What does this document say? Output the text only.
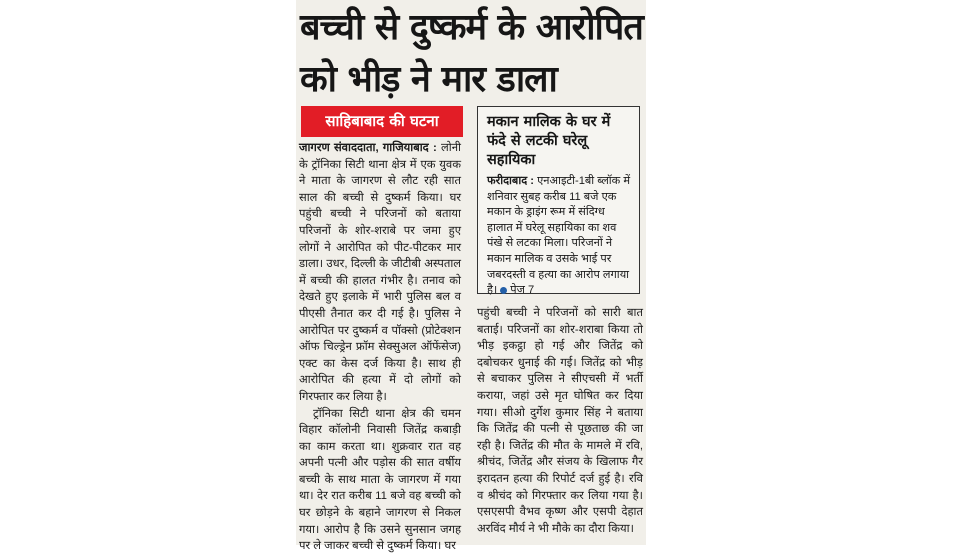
बच्ची से दुष्कर्म के आरोपित को भीड़ ने मार डाला
साहिबाबाद की घटना

जागरण संवाददाता, गाजियाबाद : लोनी के ट्रॉनिका सिटी थाना क्षेत्र में एक युवक ने माता के जागरण से लौट रही सात साल की बच्ची से दुष्कर्म किया। घर पहुंची बच्ची ने परिजनों को बताया परिजनों के शोर-शराबे पर जमा हुए लोगों ने आरोपित को पीट-पीटकर मार डाला। उधर, दिल्ली के जीटीबी अस्पताल में बच्ची की हालत गंभीर है। तनाव को देखते हुए इलाके में भारी पुलिस बल व पीएसी तैनात कर दी गई है। पुलिस ने आरोपित पर दुष्कर्म व पॉक्सो (प्रोटेक्शन ऑफ चिल्ड्रेन फ्रॉम सेक्सुअल ऑफेंसेज) एक्ट का केस दर्ज किया है। साथ ही आरोपित की हत्या में दो लोगों को गिरफ्तार कर लिया है।

ट्रॉनिका सिटी थाना क्षेत्र की चमन विहार कॉलोनी निवासी जितेंद्र कबाड़ी का काम करता था। शुक्रवार रात वह अपनी पत्नी और पड़ोस की सात वर्षीय बच्ची के साथ माता के जागरण में गया था। देर रात करीब 11 बजे वह बच्ची को घर छोड़ने के बहाने जागरण से निकल गया। आरोप है कि उसने सुनसान जगह पर ले जाकर बच्ची से दुष्कर्म किया। घर

मकान मालिक के घर में फंदे से लटकी घरेलू सहायिका
फरीदाबाद : एनआइटी-1बी ब्लॉक में शनिवार सुबह करीब 11 बजे एक मकान के ड्राइंग रूम में संदिग्ध हालात में घरेलू सहायिका का शव पंखे से लटका मिला। परिजनों ने मकान मालिक व उसके भाई पर जबरदस्ती व हत्या का आरोप लगाया है। पेज 7

पहुंची बच्ची ने परिजनों को सारी बात बताई। परिजनों का शोर-शराबा किया तो भीड़ इकट्ठा हो गई और जितेंद्र को दबोचकर धुनाई की गई। जितेंद्र को भीड़ से बचाकर पुलिस ने सीएचसी में भर्ती कराया, जहां उसे मृत घोषित कर दिया गया। सीओ दुर्गेश कुमार सिंह ने बताया कि जितेंद्र की पत्नी से पूछताछ की जा रही है। जितेंद्र की मौत के मामले में रवि, श्रीचंद, जितेंद्र और संजय के खिलाफ गैर इरादतन हत्या की रिपोर्ट दर्ज हुई है। रवि व श्रीचंद को गिरफ्तार कर लिया गया है। एसएसपी वैभव कृष्ण और एसपी देहात अरविंद मौर्य ने भी मौके का दौरा किया।
